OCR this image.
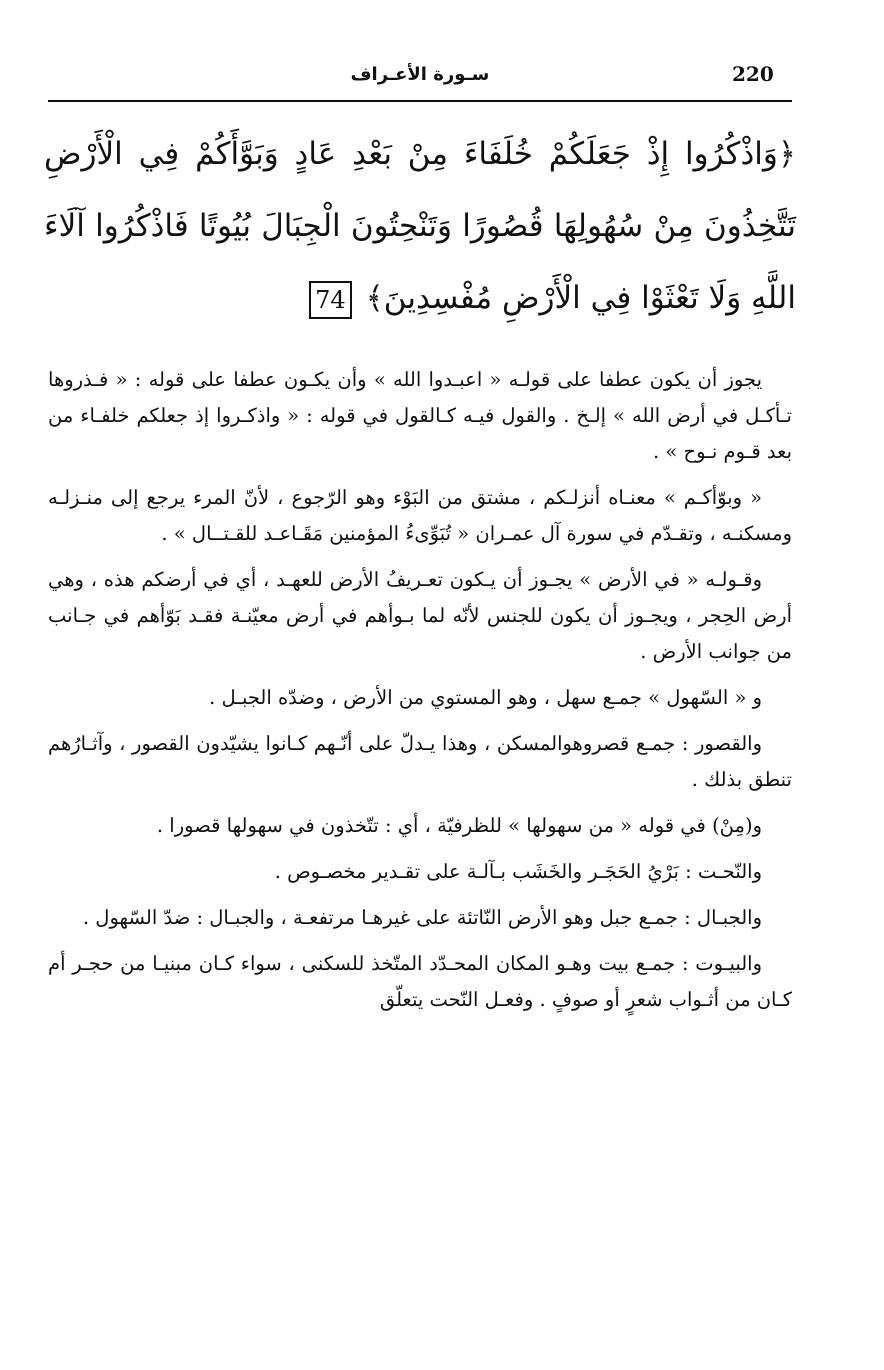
220
سـورة الأعـراف
﴿وَاذْكُرُوا إِذْ جَعَلَكُمْ خُلَفَاءَ مِنْ بَعْدِ عَادٍ وَبَوَّأَكُمْ فِي الْأَرْضِ تَتَّخِذُونَ مِنْ سُهُولِهَا قُصُورًا وَتَنْحِتُونَ الْجِبَالَ بُيُوتًا فَاذْكُرُوا آلَاءَ اللَّهِ وَلَا تَعْثَوْا فِي الْأَرْضِ مُفْسِدِينَ﴾ 74

يجوز أن يكون عطفا على قولـه « اعبـدوا الله » وأن يكـون عطفا على قوله : « فـذروها تـأكـل في أرض الله » إلـخ . والقول فيـه كـالقول في قوله : « واذكـروا إذ جعلكم خلفـاء من بعد قـوم نـوح » .

« وبوّأكـم » معنـاه أنزلـكم ، مشتق من البَوْء وهو الرّجوع ، لأنّ المرء يرجع إلى منـزلـه ومسكنـه ، وتقـدّم في سورة آل عمـران « تُبَوِّىءُ المؤمنين مَقَـاعـد للقـتــال » .

وقـولـه « في الأرض » يجـوز أن يـكون تعـريفُ الأرض للعهـد ، أي في أرضكم هذه ، وهي أرض الحِجر ، ويجـوز أن يكون للجنس لأنّه لما بـوأهم في أرض معيّنـة فقـد بَوّأهم في جـانب من جوانب الأرض .

و « السّهول » جمـع سهل ، وهو المستوي من الأرض ، وضدّه الجبـل .

والقصور : جمـع قصروهوالمسكن ، وهذا يـدلّ على أنّـهم كـانوا يشيّدون القصور ، وآثـارُهم تنطق بذلك .

و(مِنْ) في قوله « من سهولها » للظرفيّة ، أي : تتّخذون في سهولها قصورا .

والنّحـت : بَرْيُ الحَجَـر والخَشَب بـآلـة على تقـدير مخصـوص .

والجبـال : جمـع جبل وهو الأرض النّاتئة على غيرهـا مرتفعـة ، والجبـال : ضدّ السّهول .

والبيـوت : جمـع بيت وهـو المكان المحـدّد المتّخذ للسكنى ، سواء كـان مبنيـا من حجـر أم كـان من أثـواب شعرٍ أو صوفٍ . وفعـل النّحت يتعلّق
